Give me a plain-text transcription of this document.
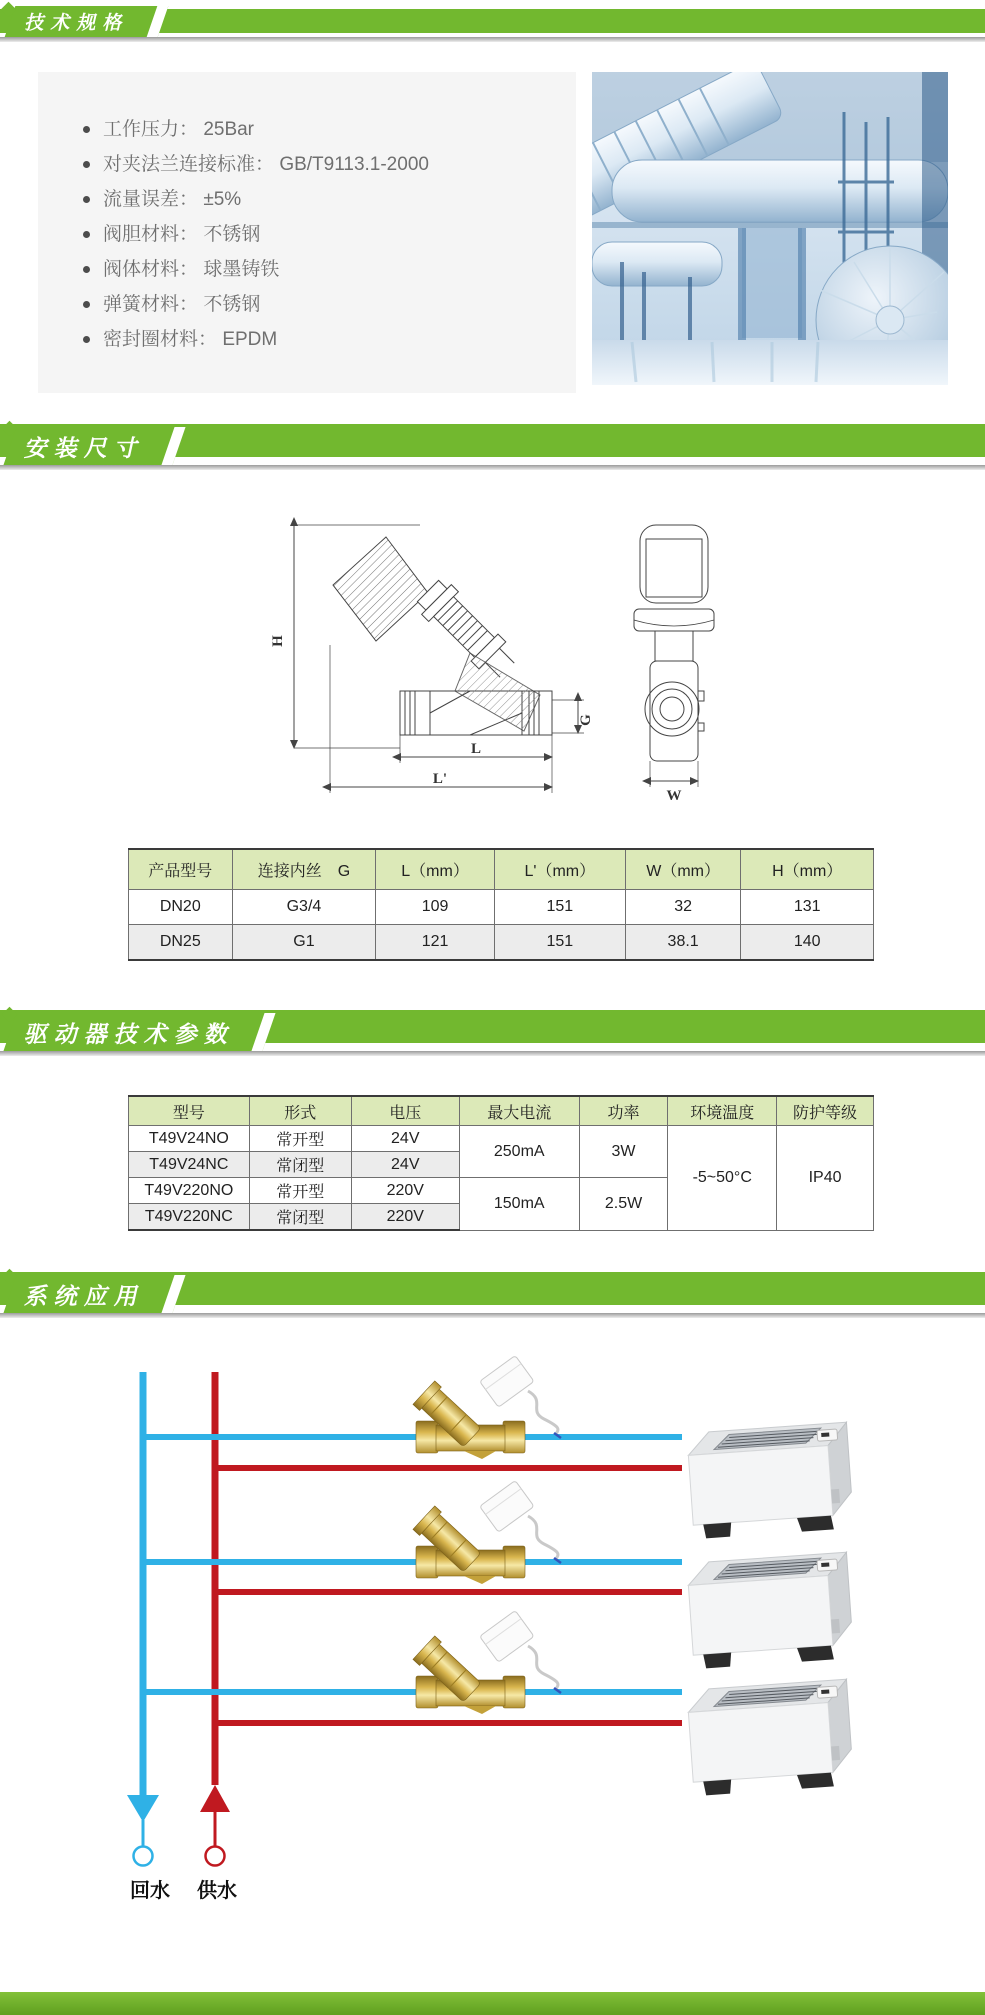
技术规格
工作压力： 25Bar
对夹法兰连接标准： GB/T9113.1-2000
流量误差： ±5%
阀胆材料： 不锈钢
阀体材料： 球墨铸铁
弹簧材料： 不锈钢
密封圈材料： EPDM
安装尺寸
H
G
L
L'
W
产品型号	连接内丝　G	L（mm）	L'（mm）	W（mm）	H（mm）
DN20	G3/4	109	151	32	131
DN25	G1	121	151	38.1	140
驱动器技术参数
型号	形式	电压	最大电流	功率	环境温度	防护等级
T49V24NO	常开型	24V	250mA	3W	-5~50°C	IP40
T49V24NC	常闭型	24V				
T49V220NO	常开型	220V	150mA	2.5W		
T49V220NC	常闭型	220V				
系统应用
回水	供水
